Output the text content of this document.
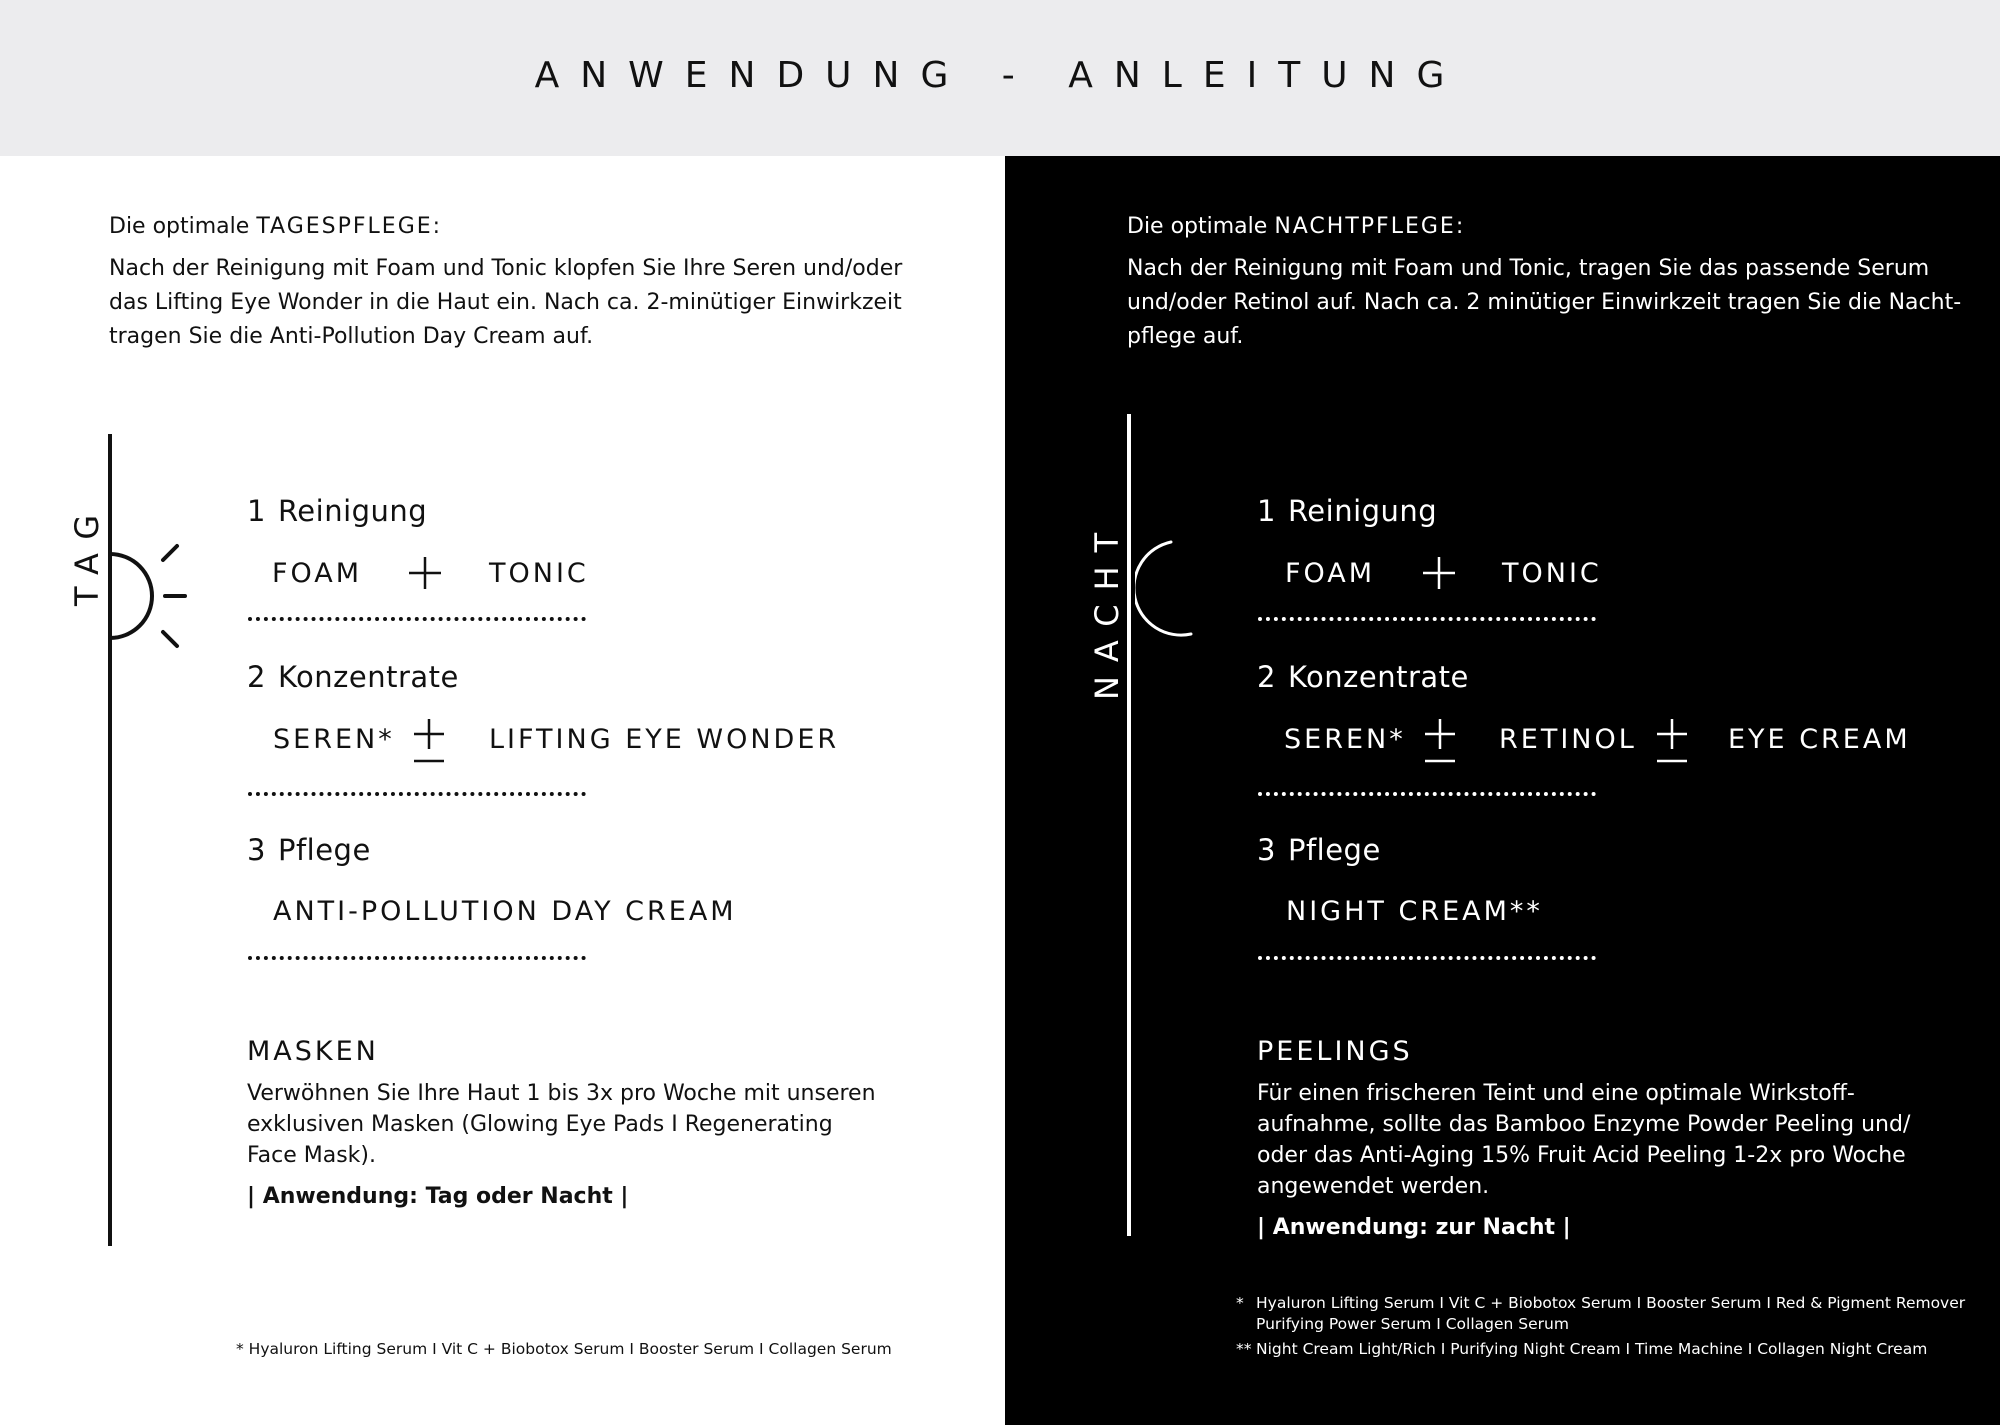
ANWENDUNG - ANLEITUNG
Die optimale TAGESPFLEGE:
Nach der Reinigung mit Foam und Tonic klopfen Sie Ihre Seren und/oder
das Lifting Eye Wonder in die Haut ein. Nach ca. 2-minütiger Einwirkzeit
tragen Sie die Anti-Pollution Day Cream auf.
TAG	1 Reinigung
FOAM	TONIC
2 Konzentrate
SEREN*	LIFTING EYE WONDER
3 Pflege
ANTI-POLLUTION DAY CREAM
MASKEN
Verwöhnen Sie Ihre Haut 1 bis 3x pro Woche mit unseren
exklusiven Masken (Glowing Eye Pads I Regenerating
Face Mask).
| Anwendung: Tag oder Nacht |
* Hyaluron Lifting Serum I Vit C + Biobotox Serum I Booster Serum I Collagen Serum
Die optimale NACHTPFLEGE:
Nach der Reinigung mit Foam und Tonic, tragen Sie das passende Serum
und/oder Retinol auf. Nach ca. 2 minütiger Einwirkzeit tragen Sie die Nacht-
pflege auf.
NACHT
1 Reinigung
FOAM	TONIC
2 Konzentrate
SEREN*	RETINOL	EYE CREAM
3 Pflege
NIGHT CREAM**
PEELINGS
Für einen frischeren Teint und eine optimale Wirkstoff-
aufnahme, sollte das Bamboo Enzyme Powder Peeling und/
oder das Anti-Aging 15% Fruit Acid Peeling 1-2x pro Woche
angewendet werden.
| Anwendung: zur Nacht |
* Hyaluron Lifting Serum I Vit C + Biobotox Serum I Booster Serum I Red & Pigment Remover
Purifying Power Serum I Collagen Serum
** Night Cream Light/Rich I Purifying Night Cream I Time Machine I Collagen Night Cream
